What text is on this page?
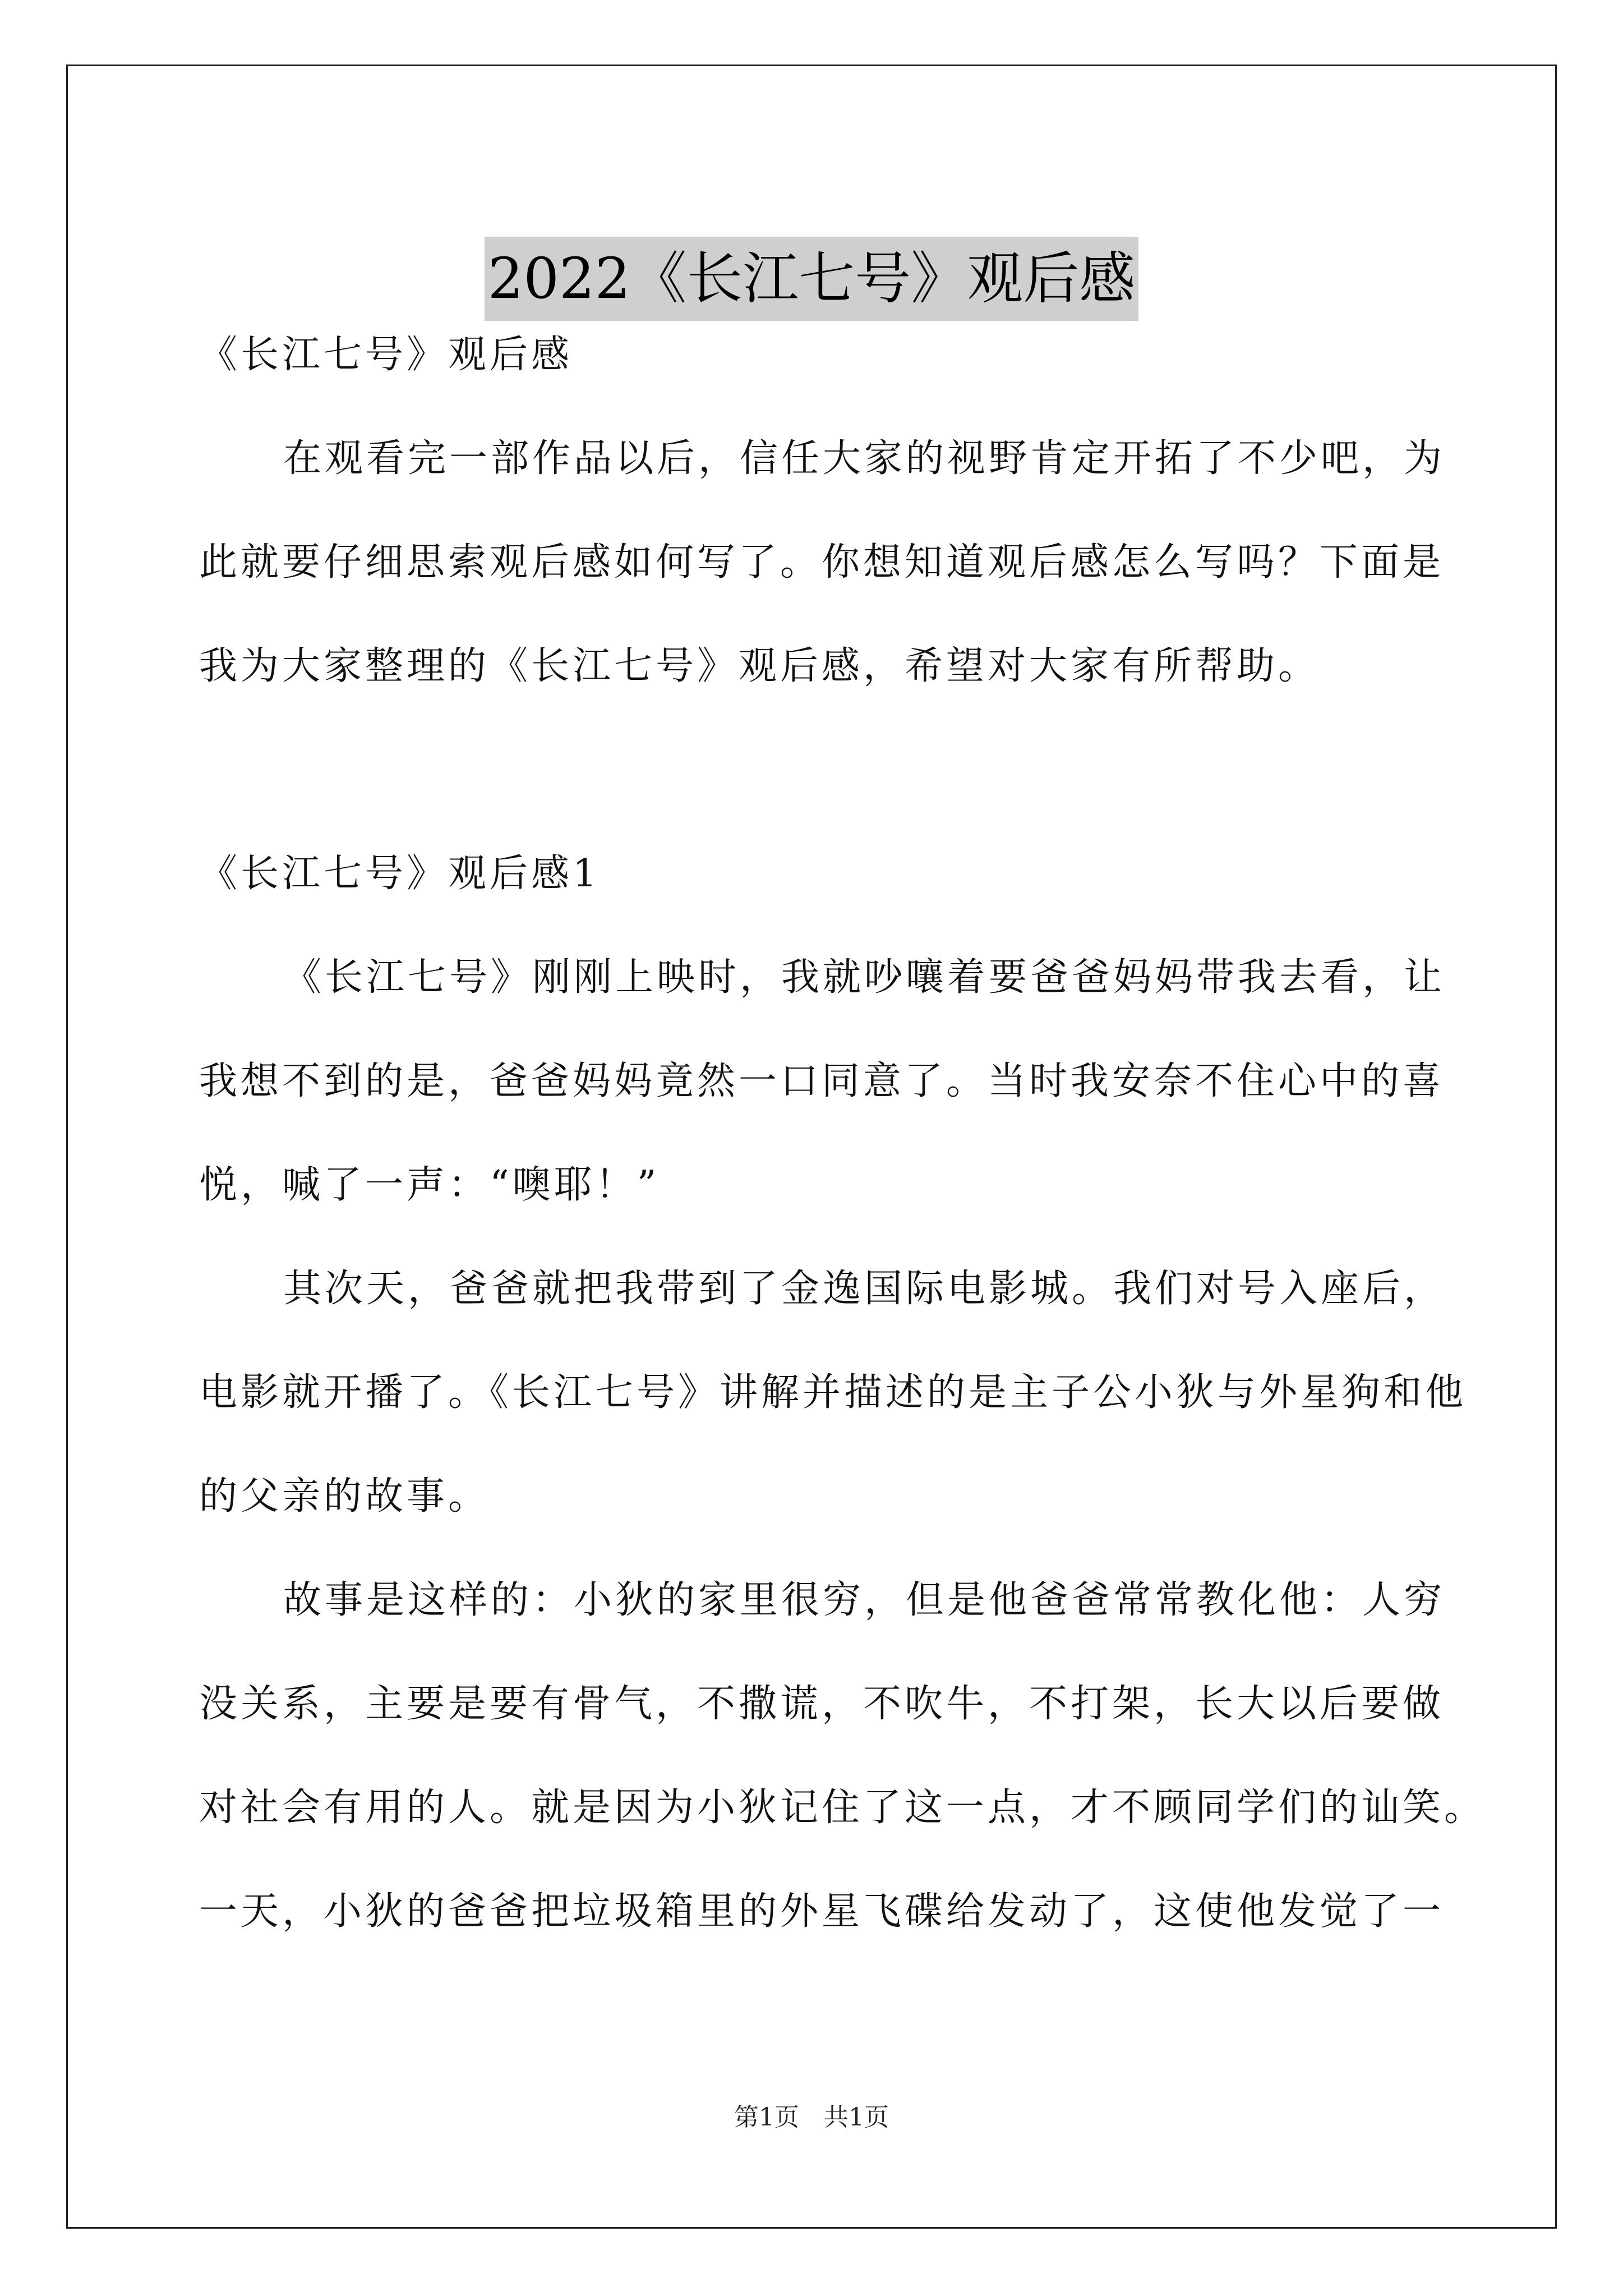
2022《长江七号》观后感
《长江七号》观后感
在观看完一部作品以后，信任大家的视野肯定开拓了不少吧，为
此就要仔细思索观后感如何写了。你想知道观后感怎么写吗？下面是
我为大家整理的《长江七号》观后感，希望对大家有所帮助。
《长江七号》观后感1
《长江七号》刚刚上映时，我就吵嚷着要爸爸妈妈带我去看，让
我想不到的是，爸爸妈妈竟然一口同意了。当时我安奈不住心中的喜
悦，喊了一声：“噢耶！”
其次天，爸爸就把我带到了金逸国际电影城。我们对号入座后，
电影就开播了。《长江七号》讲解并描述的是主子公小狄与外星狗和他
的父亲的故事。
故事是这样的：小狄的家里很穷，但是他爸爸常常教化他：人穷
没关系，主要是要有骨气，不撒谎，不吹牛，不打架，长大以后要做
对社会有用的人。就是因为小狄记住了这一点，才不顾同学们的讪笑。
一天，小狄的爸爸把垃圾箱里的外星飞碟给发动了，这使他发觉了一
第1页　共1页
